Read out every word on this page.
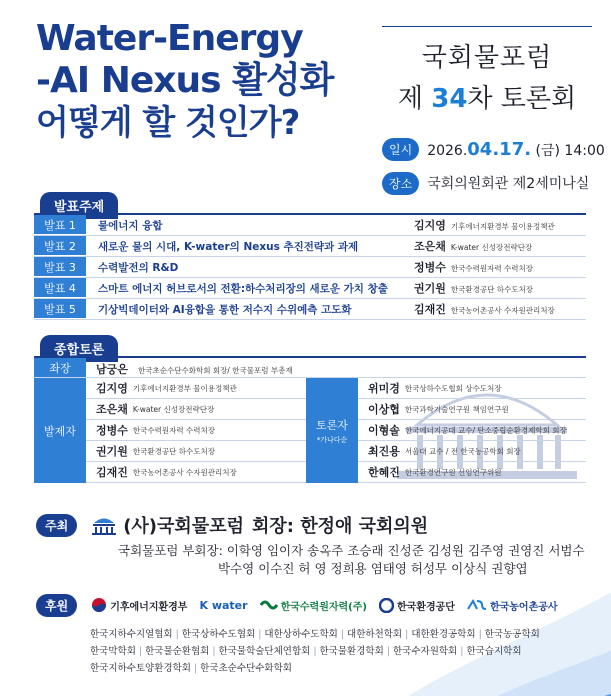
Water-Energy
-AI Nexus 활성화
어떻게 할 것인가?
국회물포럼
제 34차 토론회
일시	2026.04.17. (금) 14:00
장소	국회의원회관 제2세미나실
발표주제
발표 1	물에너지 융합	김지영 기후에너지환경부 물이용정책관
발표 2	새로운 물의 시대, K-water의 Nexus 추진전략과 과제	조은채 K-water 신성장전략단장
발표 3	수력발전의 R&D	정병수 한국수력원자력 수력처장
발표 4	스마트 에너지 허브로서의 전환:하수처리장의 새로운 가치 창출	권기원 한국환경공단 하수도처장
발표 5	기상빅데이터와 AI융합을 통한 저수지 수위예측 고도화	김재진 한국농어촌공사 수자원관리처장
종합토론
좌장	남궁은 한국초순수단수화학회 회장/ 한국물포럼 부총재
발제자
김지영 기후에너지환경부 물이용정책관
조은채 K-water 신성장전략단장
정병수 한국수력원자력 수력처장
권기원 한국환경공단 하수도처장
김재진 한국농어촌공사 수자원관리처장
토론자
*가나다순
위미경 한국상하수도협회 상수도처장
이상협 한국과학기술연구원 책임연구원
이형솔 한국에너지공대 교수/ 탄소중립순환경제학회 회장
최진용 서울대 교수 / 전 한국농공학회 회장
한혜진 한국환경연구원 선임연구위원
주최	(사)국회물포럼 회장: 한정애 국회의원
국회물포럼 부회장: 이학영 임이자 송옥주 조승래 진성준 김성원 김주영 권영진 서범수
박수영 이수진 허 영 정희용 염태영 허성무 이상식 권향엽
후원	기후에너지환경부 K water	한국수력원자력(주)	한국환경공단	한국농어촌공사
한국지하수지열협회 | 한국상하수도협회 | 대한상하수도학회 | 대한하천학회 | 대한환경공학회 | 한국농공학회
한국막학회 | 한국물순환협회 | 한국물학술단체연합회 | 한국물환경학회 | 한국수자원학회 | 한국습지학회
한국지하수토양환경학회 | 한국초순수단수화학회
